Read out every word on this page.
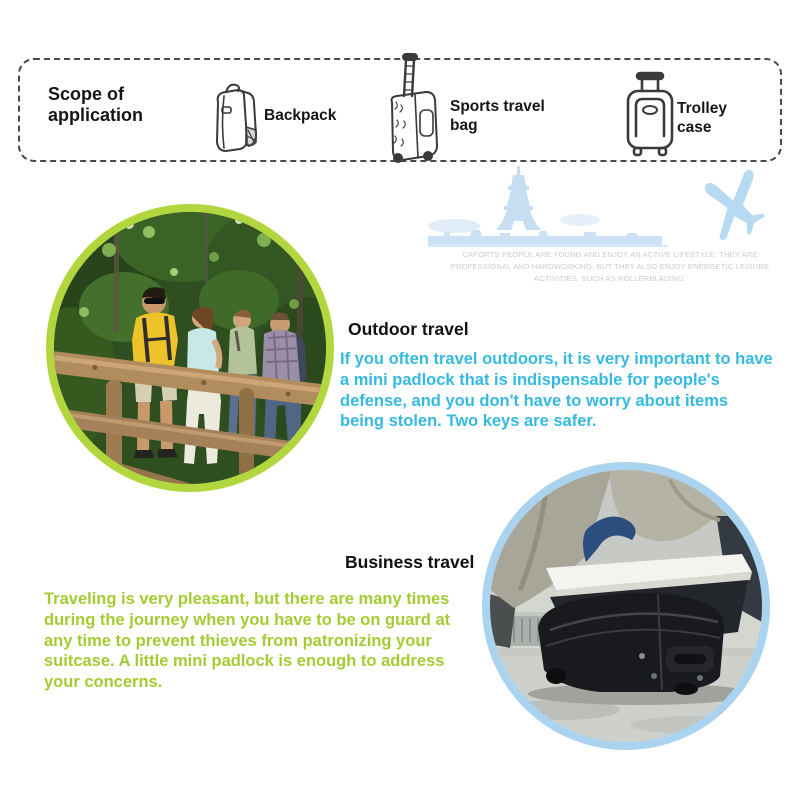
Scope of application	Backpack
Sports travel bag
Trolley case
CAPORTS PEOPLE ARE YOUNG AND ENJOY AN ACTIVE LIFESTYLE. THEY ARE PROFESSIONAL AND HARDWORKING, BUT THEY ALSO ENJOY ENERGETIC LEISURE ACTIVITIES, SUCH AS ROLLERBLADING.
Outdoor travel
If you often travel outdoors, it is very important to have a mini padlock that is indispensable for people's defense, and you don't have to worry about items being stolen. Two keys are safer.
Business travel
Traveling is very pleasant, but there are many times during the journey when you have to be on guard at any time to prevent thieves from patronizing your suitcase. A little mini padlock is enough to address your concerns.
